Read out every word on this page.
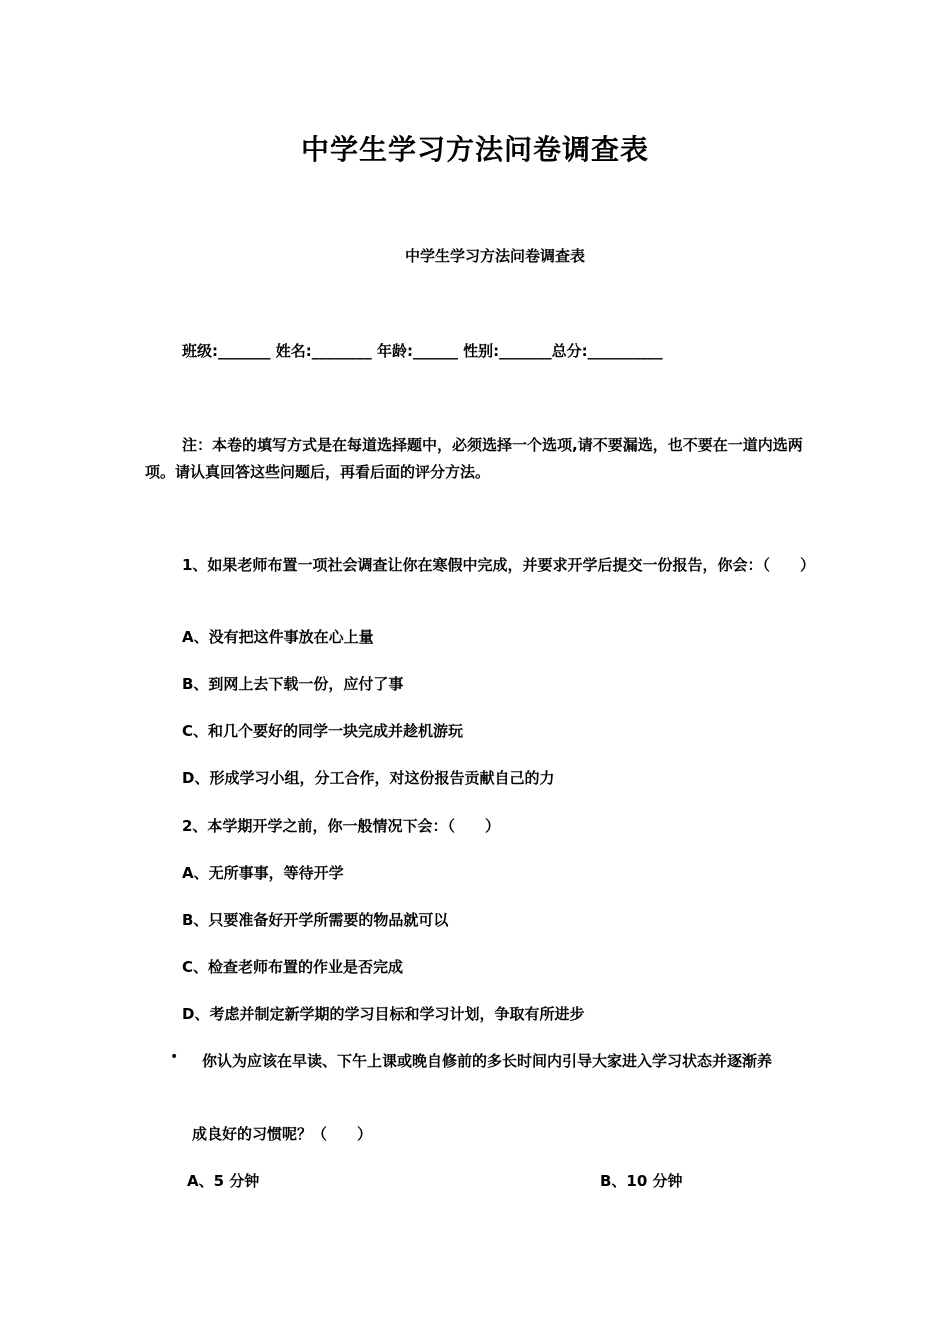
中学生学习方法问卷调查表
中学生学习方法问卷调查表
班级:_______ 姓名:________ 年龄:______ 性别:_______总分:__________
注：本卷的填写方式是在每道选择题中，必须选择一个选项,请不要漏选，也不要在一道内选两项。请认真回答这些问题后，再看后面的评分方法。
1、如果老师布置一项社会调查让你在寒假中完成，并要求开学后提交一份报告，你会：（　　）
A、没有把这件事放在心上量
B、到网上去下载一份，应付了事
C、和几个要好的同学一块完成并趁机游玩
D、形成学习小组，分工合作，对这份报告贡献自己的力
2、本学期开学之前，你一般情况下会：（　　）
A、无所事事，等待开学
B、只要准备好开学所需要的物品就可以
C、检查老师布置的作业是否完成
D、考虑并制定新学期的学习目标和学习计划，争取有所进步
• 你认为应该在早读、下午上课或晚自修前的多长时间内引导大家进入学习状态并逐渐养
成良好的习惯呢？（　　）
A、5 分钟	B、10 分钟
